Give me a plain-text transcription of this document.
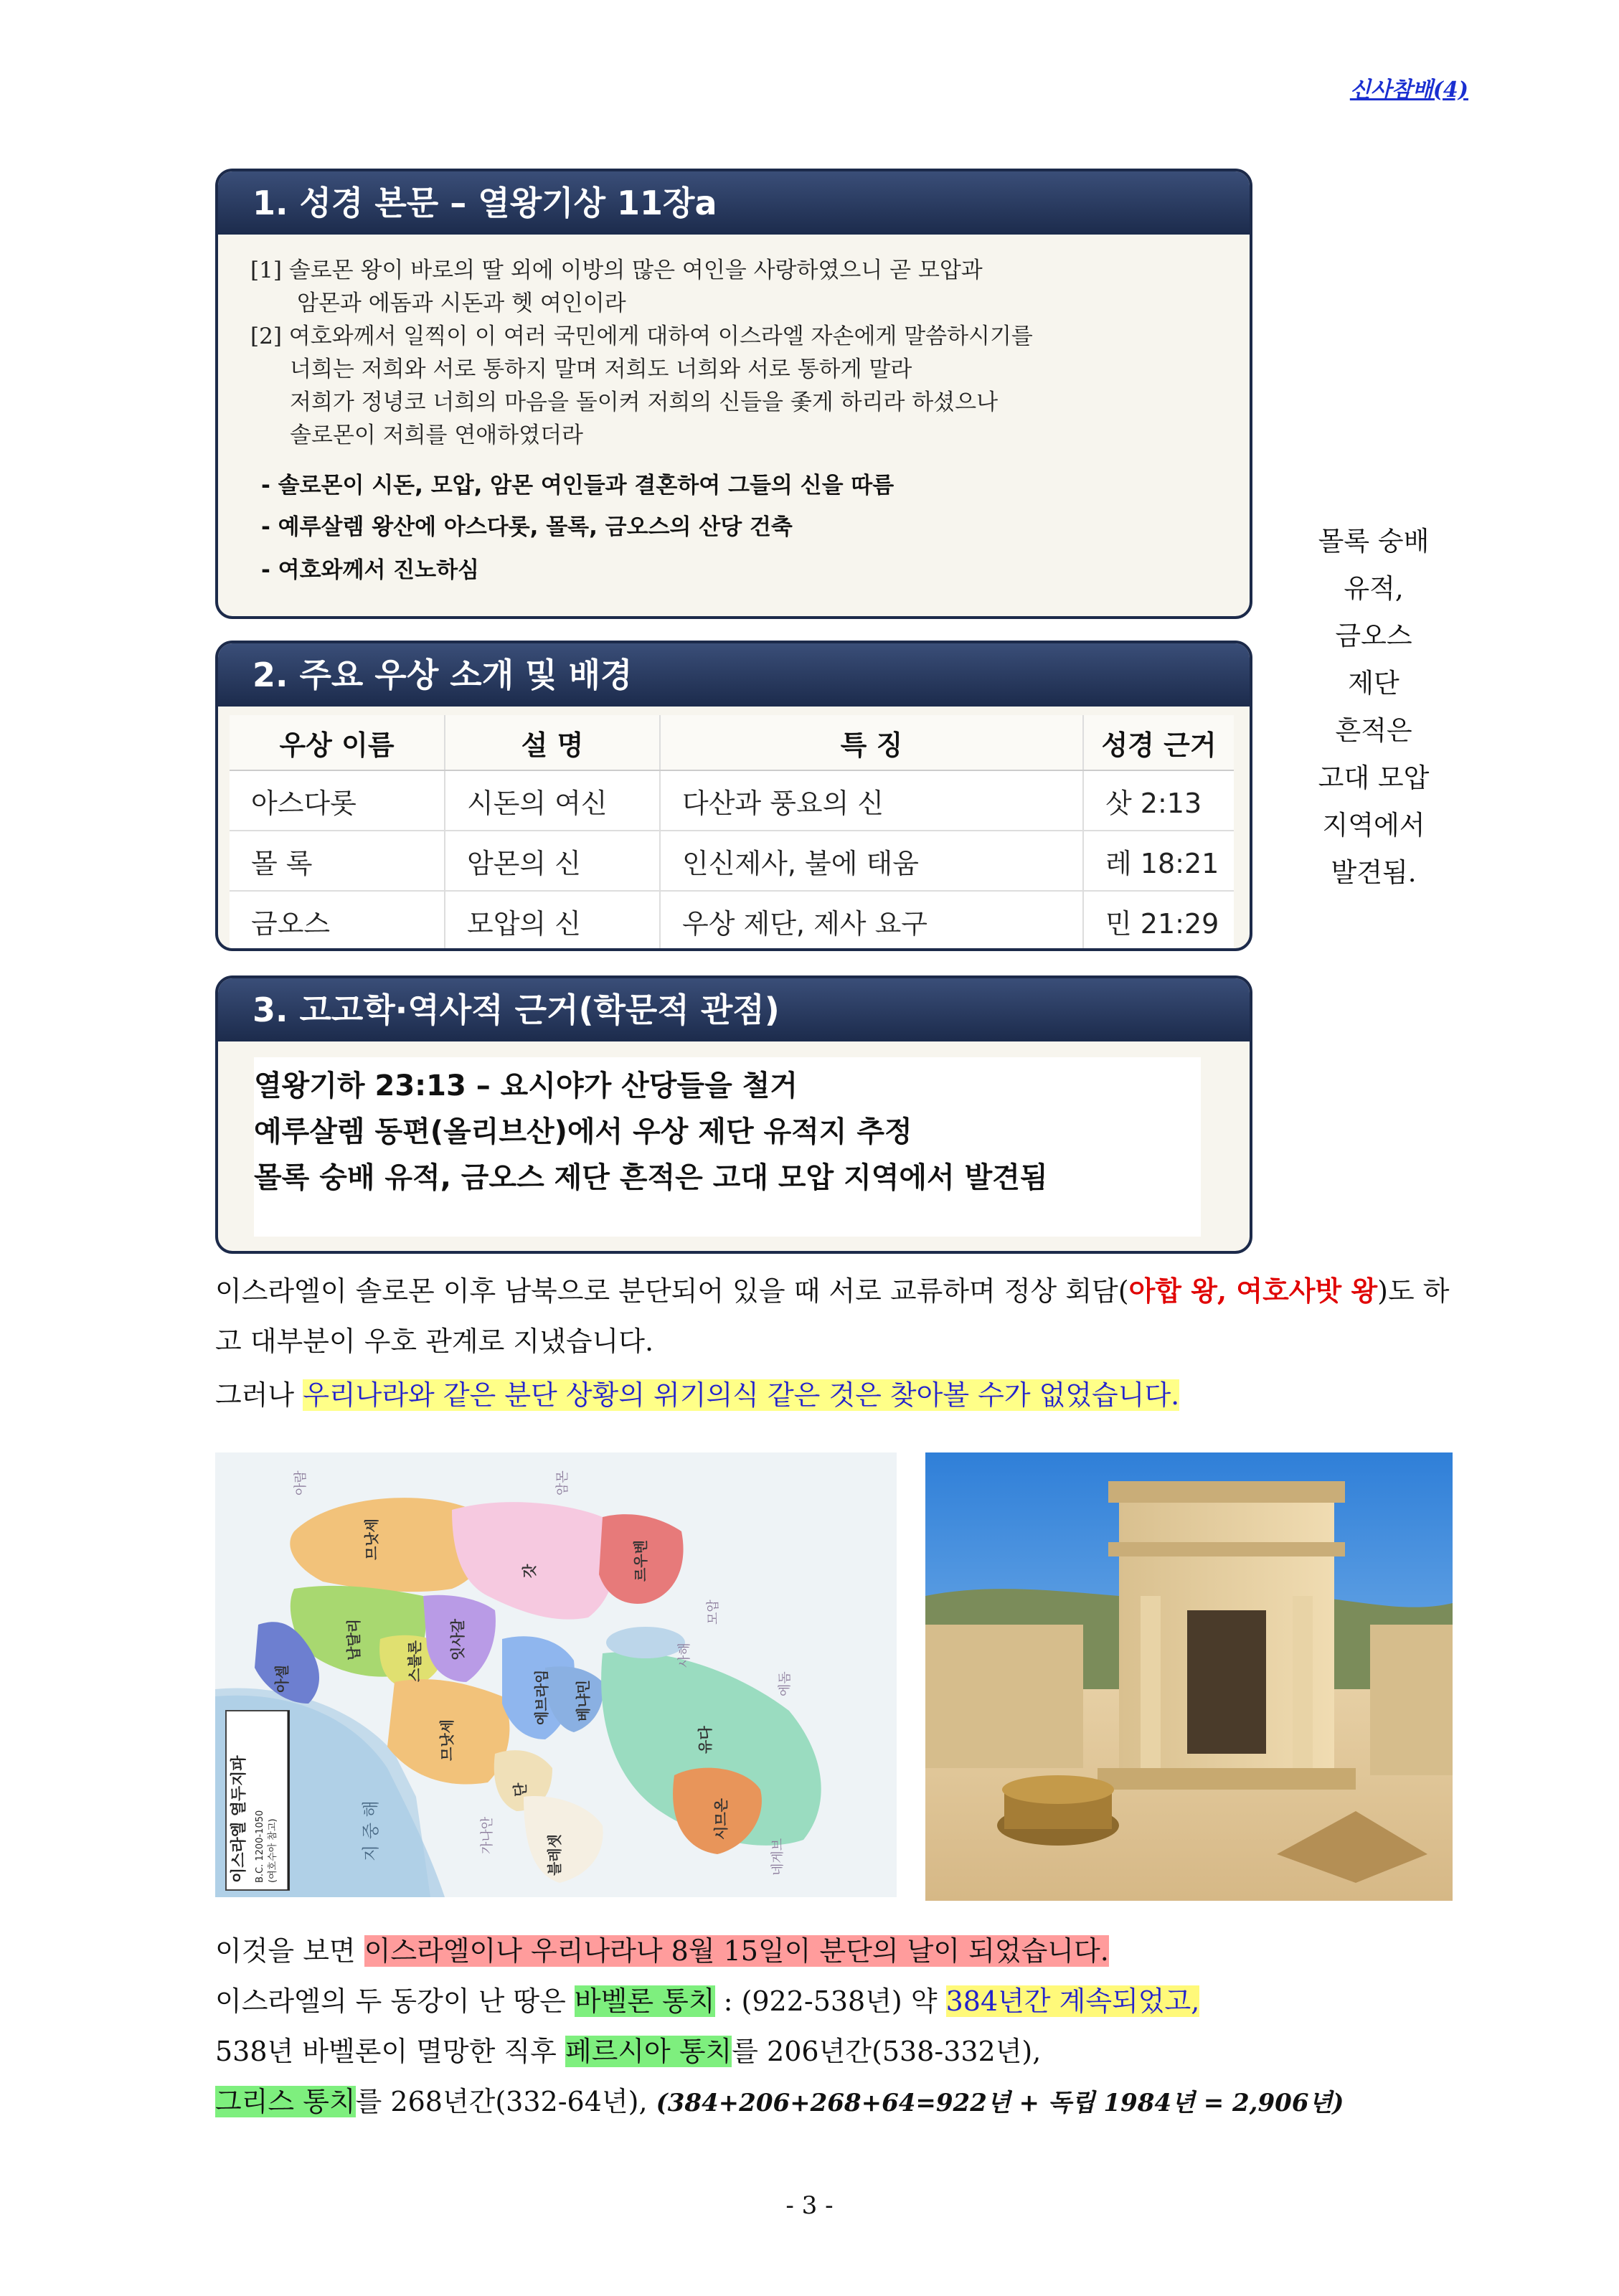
신사참배(4)
1. 성경 본문 – 열왕기상 11장a
[1] 솔로몬 왕이 바로의 딸 외에 이방의 많은 여인을 사랑하였으니 곧 모압과
암몬과 에돔과 시돈과 헷 여인이라
[2] 여호와께서 일찍이 이 여러 국민에게 대하여 이스라엘 자손에게 말씀하시기를
너희는 저희와 서로 통하지 말며 저희도 너희와 서로 통하게 말라
저희가 정녕코 너희의 마음을 돌이켜 저희의 신들을 좇게 하리라 하셨으나
솔로몬이 저희를 연애하였더라
- 솔로몬이 시돈, 모압, 암몬 여인들과 결혼하여 그들의 신을 따름
- 예루살렘 왕산에 아스다롯, 몰록, 금오스의 산당 건축
- 여호와께서 진노하심
몰록 숭배
유적,
금오스
제단
흔적은
고대 모압
지역에서
발견됨.
2. 주요 우상 소개 및 배경
우상 이름	설 명	특 징	성경 근거
아스다롯	시돈의 여신	다산과 풍요의 신	삿 2:13
몰 록	암몬의 신	인신제사, 불에 태움	레 18:21
금오스	모압의 신	우상 제단, 제사 요구	민 21:29
3. 고고학·역사적 근거(학문적 관점)
열왕기하 23:13 – 요시야가 산당들을 철거
예루살렘 동편(올리브산)에서 우상 제단 유적지 추정
몰록 숭배 유적, 금오스 제단 흔적은 고대 모압 지역에서 발견됨
이스라엘이 솔로몬 이후 남북으로 분단되어 있을 때 서로 교류하며 정상 회담(아합 왕, 여호사밧 왕)도 하고 대부분이 우호 관계로 지냈습니다.
그러나 우리나라와 같은 분단 상황의 위기의식 같은 것은 찾아볼 수가 없었습니다.
이스라엘 열두지파 B.C. 1200-1050 (여호수아 참고)	지 중 해
므낫세
납달리
아셀	스불론
잇사갈
므낫세
갓	르우벤
에브라임 베냐민
유다
시므온
단
블레셋
아람	암몬
모압
에돔
사해
가나안
네게브
이것을 보면 이스라엘이나 우리나라나 8월 15일이 분단의 날이 되었습니다.
이스라엘의 두 동강이 난 땅은 바벨론 통치 : (922-538년) 약 384년간 계속되었고,
538년 바벨론이 멸망한 직후 페르시아 통치를 206년간(538-332년),
그리스 통치를 268년간(332-64년), (384+206+268+64=922년 + 독립 1984년 = 2,906년)
- 3 -
